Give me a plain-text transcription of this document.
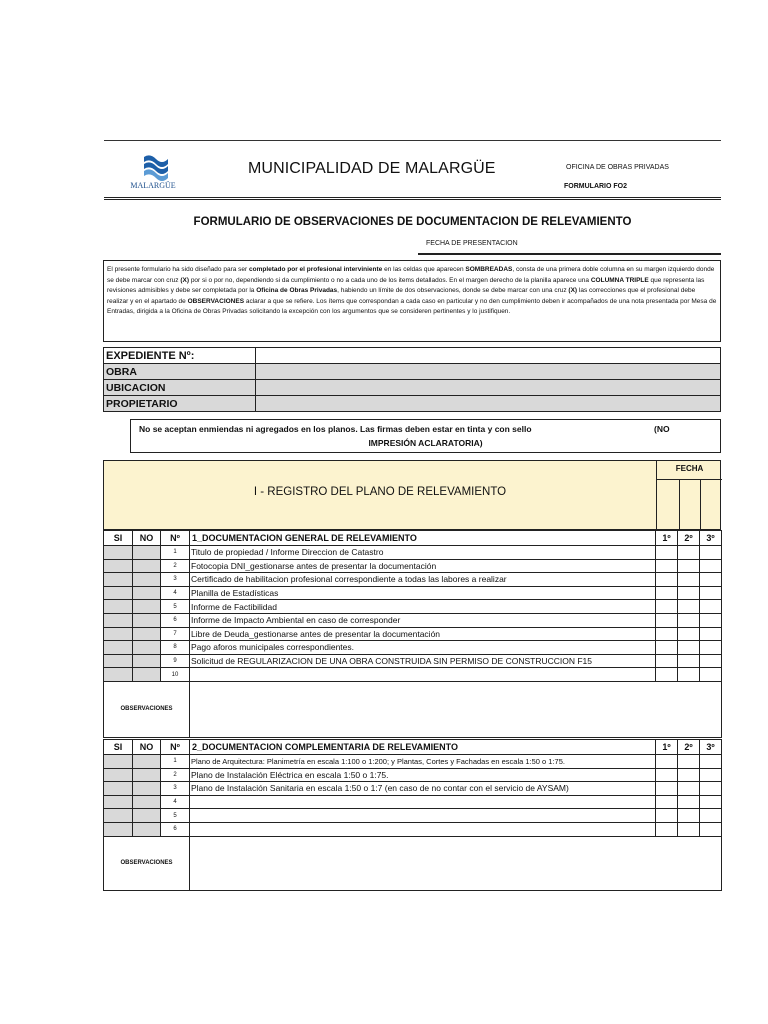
MALARGÜE
MUNICIPALIDAD DE MALARGÜE	OFICINA DE OBRAS PRIVADAS
FORMULARIO FO2
FORMULARIO DE OBSERVACIONES DE DOCUMENTACION DE RELEVAMIENTO
FECHA DE PRESENTACION
El presente formulario ha sido diseñado para ser completado por el profesional interviniente en las celdas que aparecen SOMBREADAS, consta de una primera doble columna en su margen izquierdo donde se debe marcar con cruz (X) por si o por no, dependiendo si da cumplimiento o no a cada uno de los items detallados. En el margen derecho de la planilla aparece una COLUMNA TRIPLE que representa las revisiones admisibles y debe ser completada por la Oficina de Obras Privadas, habiendo un límite de dos observaciones, donde se debe marcar con una cruz (X) las correcciones que el profesional debe realizar y en el apartado de OBSERVACIONES aclarar a que se refiere. Los ítems que correspondan a cada caso en particular y no den cumplimiento deben ir acompañados de una nota presentada por Mesa de Entradas, dirigida a la Oficina de Obras Privadas solicitando la excepción con los argumentos que se consideren pertinentes y lo justifiquen.
EXPEDIENTE Nº:	
OBRA	
UBICACION	
PROPIETARIO	
No se aceptan enmiendas ni agregados en los planos. Las firmas deben estar en tinta y con sello	(NO
IMPRESIÓN ACLARATORIA)
I - REGISTRO DEL PLANO DE RELEVAMIENTO
FECHA
SI	NO	Nº	1_DOCUMENTACION GENERAL DE RELEVAMIENTO	1º	2º	3º
		1	Titulo de propiedad / Informe Direccion de Catastro			
		2	Fotocopia DNI_gestionarse antes de presentar la documentación			
		3	Certificado de habilitacion profesional correspondiente a todas las labores a realizar			
		4	Planilla de Estadísticas			
		5	Informe de Factibilidad			
		6	Informe de Impacto Ambiental en caso de corresponder			
		7	Libre de Deuda_gestionarse antes de presentar la documentación			
		8	Pago aforos municipales correspondientes.			
		9	Solicitud de REGULARIZACION DE UNA OBRA CONSTRUIDA SIN PERMISO DE CONSTRUCCION F15			
		10				
OBSERVACIONES						
SI	NO	Nº	2_DOCUMENTACION COMPLEMENTARIA DE RELEVAMIENTO	1º	2º	3º
		1	Plano de Arquitectura: Planimetría en escala 1:100 o 1:200; y Plantas, Cortes y Fachadas en escala 1:50 o 1:75.			
		2	Plano de Instalación Eléctrica en escala 1:50 o 1:75.			
		3	Plano de Instalación Sanitaria en escala 1:50 o 1:7 (en caso de no contar con el servicio de AYSAM)			
		4				
		5				
		6				
OBSERVACIONES						
